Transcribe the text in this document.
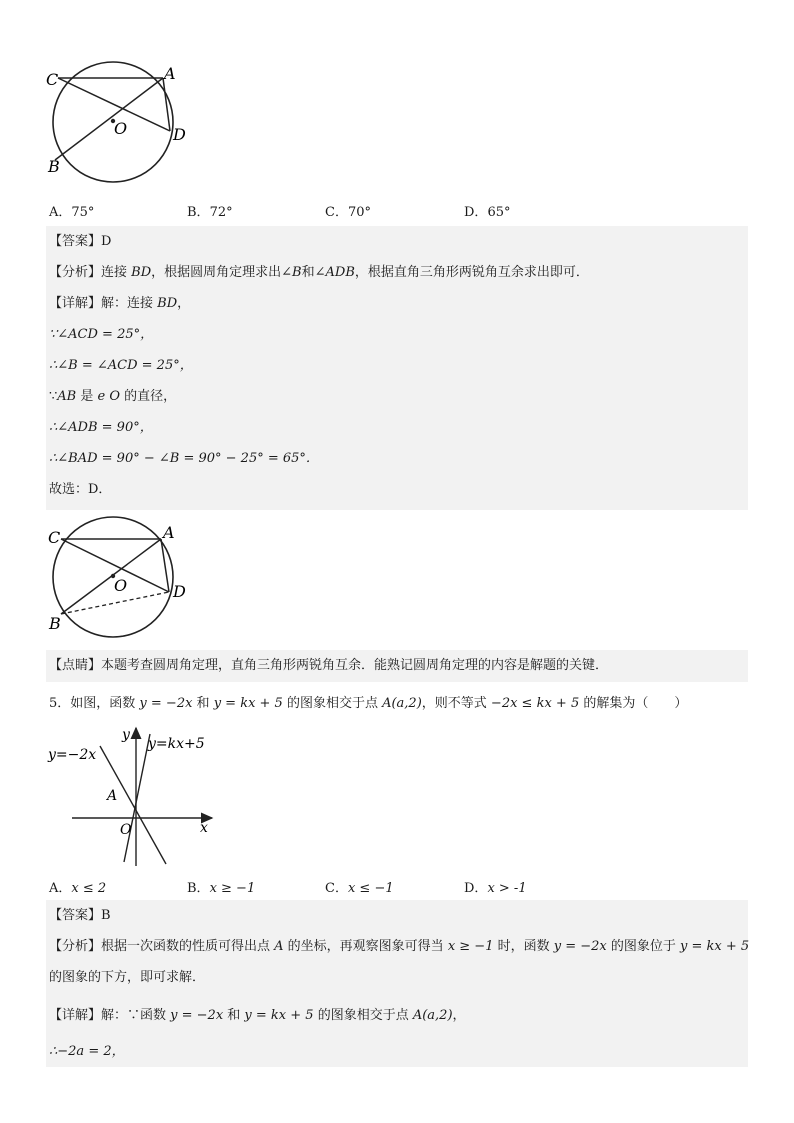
C	A
O	D
B
A．75°	B．72°	C．70°	D．65°
【答案】D
【分析】连接 BD，根据圆周角定理求出∠B和∠ADB，根据直角三角形两锐角互余求出即可．
【详解】解：连接 BD，
∵∠ACD = 25°，
∴∠B = ∠ACD = 25°，
∵AB 是 e O 的直径，
∴∠ADB = 90°，
∴∠BAD = 90° − ∠B = 90° − 25° = 65°．
故选：D．
C	A
O	D
B
【点睛】本题考查圆周角定理，直角三角形两锐角互余．能熟记圆周角定理的内容是解题的关键．
5．如图，函数 y = −2x 和 y = kx + 5 的图象相交于点 A(a,2)，则不等式 −2x ≤ kx + 5 的解集为（　　）
y
y=kx+5
y=−2x
A
O	x
A．x ≤ 2	B．x ≥ −1	C．x ≤ −1	D．x > -1
【答案】B
【分析】根据一次函数的性质可得出点 A 的坐标，再观察图象可得当 x ≥ −1 时，函数 y = −2x 的图象位于 y = kx + 5
的图象的下方，即可求解．
【详解】解：∵函数 y = −2x 和 y = kx + 5 的图象相交于点 A(a,2)，
∴−2a = 2，
